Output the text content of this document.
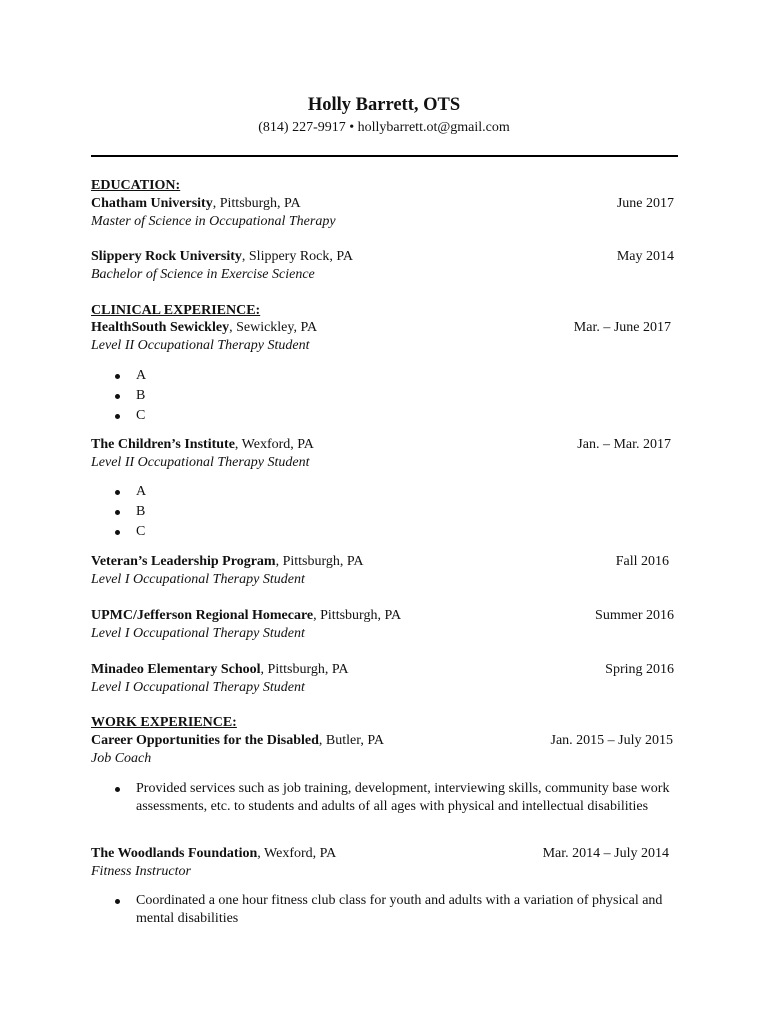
Holly Barrett, OTS
(814) 227-9917 • hollybarrett.ot@gmail.com
EDUCATION:
Chatham University, Pittsburgh, PA	June 2017
Master of Science in Occupational Therapy
Slippery Rock University, Slippery Rock, PA	May 2014
Bachelor of Science in Exercise Science
CLINICAL EXPERIENCE:
HealthSouth Sewickley, Sewickley, PA	Mar. – June 2017
Level II Occupational Therapy Student
A
B
C
The Children’s Institute, Wexford, PA	Jan. – Mar. 2017
Level II Occupational Therapy Student
A
B
C
Veteran’s Leadership Program, Pittsburgh, PA	Fall 2016
Level I Occupational Therapy Student
UPMC/Jefferson Regional Homecare, Pittsburgh, PA	Summer 2016
Level I Occupational Therapy Student
Minadeo Elementary School, Pittsburgh, PA	Spring 2016
Level I Occupational Therapy Student
WORK EXPERIENCE:
Career Opportunities for the Disabled, Butler, PA	Jan. 2015 – July 2015
Job Coach
Provided services such as job training, development, interviewing skills, community base work assessments, etc. to students and adults of all ages with physical and intellectual disabilities
The Woodlands Foundation, Wexford, PA	Mar. 2014 – July 2014
Fitness Instructor
Coordinated a one hour fitness club class for youth and adults with a variation of physical and mental disabilities
